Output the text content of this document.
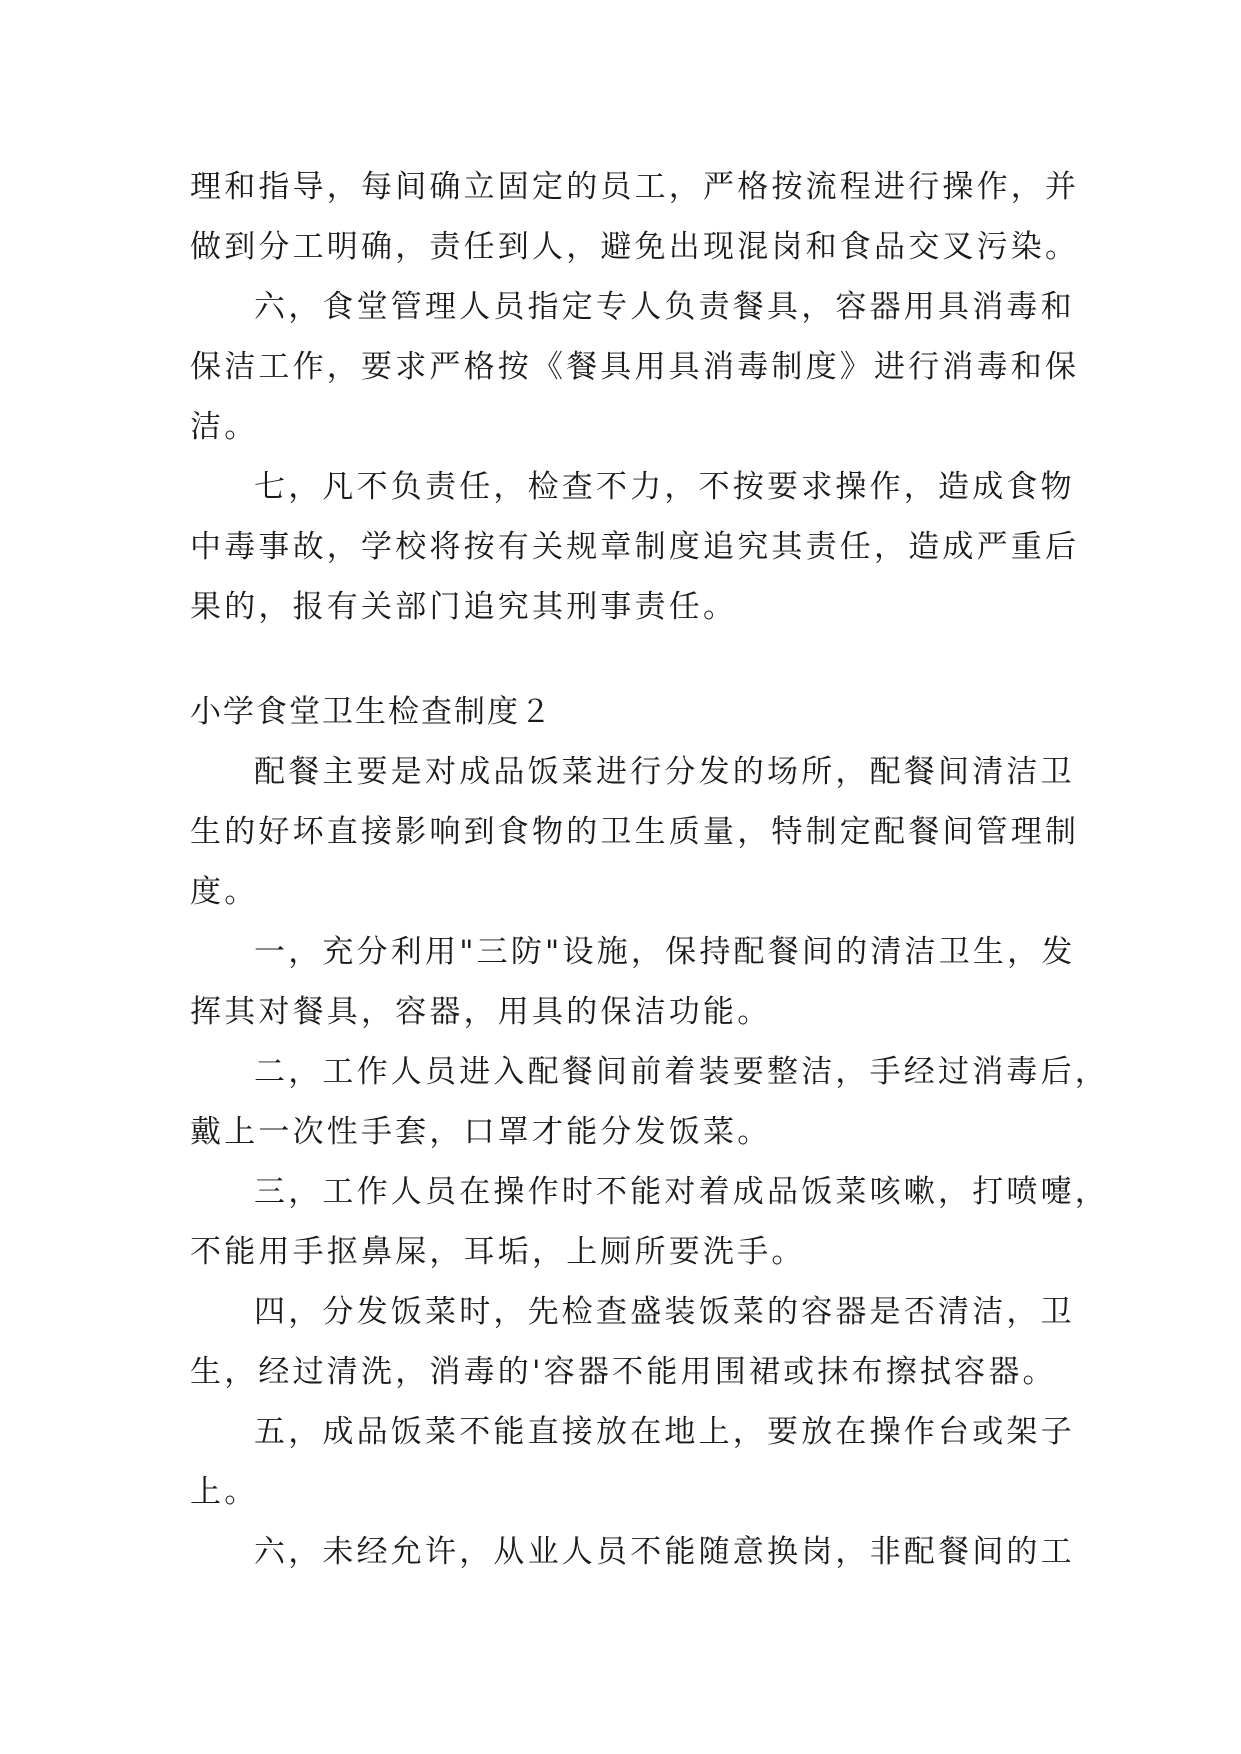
理和指导，每间确立固定的员工，严格按流程进行操作，并
做到分工明确，责任到人，避免出现混岗和食品交叉污染。
六，食堂管理人员指定专人负责餐具，容器用具消毒和
保洁工作，要求严格按《餐具用具消毒制度》进行消毒和保
洁。
七，凡不负责任，检查不力，不按要求操作，造成食物
中毒事故，学校将按有关规章制度追究其责任，造成严重后
果的，报有关部门追究其刑事责任。
小学食堂卫生检查制度２
配餐主要是对成品饭菜进行分发的场所，配餐间清洁卫
生的好坏直接影响到食物的卫生质量，特制定配餐间管理制
度。
一，充分利用"三防"设施，保持配餐间的清洁卫生，发
挥其对餐具，容器，用具的保洁功能。
二，工作人员进入配餐间前着装要整洁，手经过消毒后，
戴上一次性手套，口罩才能分发饭菜。
三，工作人员在操作时不能对着成品饭菜咳嗽，打喷嚏，
不能用手抠鼻屎，耳垢，上厕所要洗手。
四，分发饭菜时，先检查盛装饭菜的容器是否清洁，卫
生，经过清洗，消毒的'容器不能用围裙或抹布擦拭容器。
五，成品饭菜不能直接放在地上，要放在操作台或架子
上。
六，未经允许，从业人员不能随意换岗，非配餐间的工
